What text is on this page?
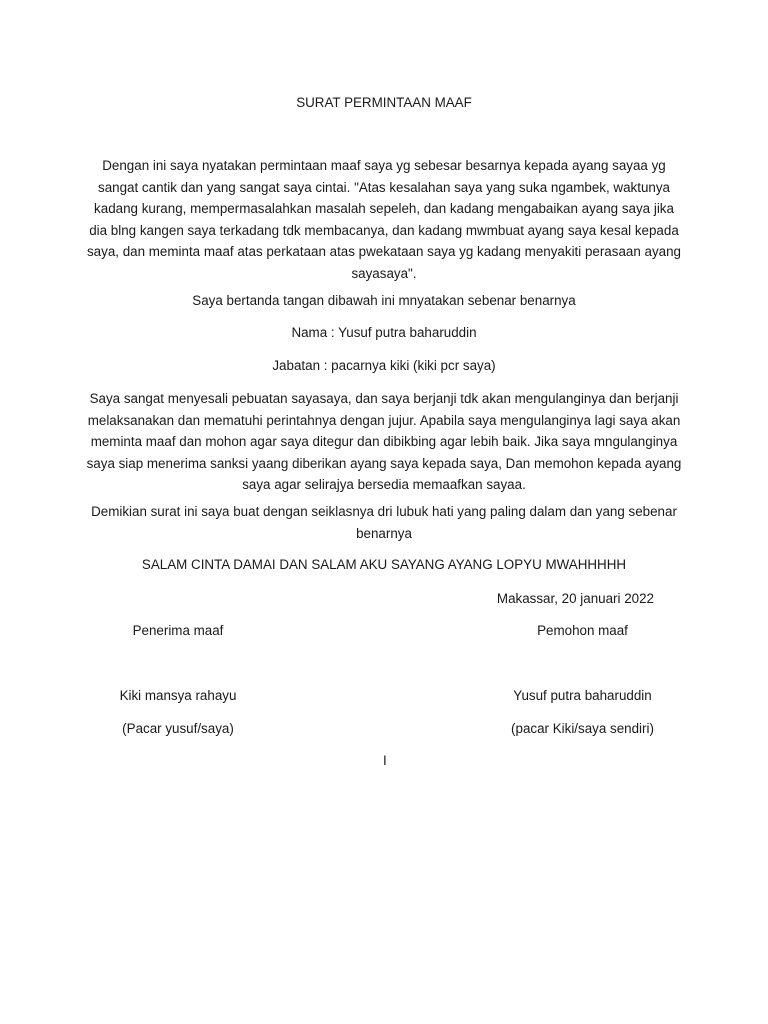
SURAT PERMINTAAN MAAF

Dengan ini saya nyatakan permintaan maaf saya yg sebesar besarnya kepada ayang sayaa yg sangat cantik dan yang sangat saya cintai. "Atas kesalahan saya yang suka ngambek, waktunya kadang kurang, mempermasalahkan masalah sepeleh, dan kadang mengabaikan ayang saya jika dia blng kangen saya terkadang tdk membacanya, dan kadang mwmbuat ayang saya kesal kepada saya, dan meminta maaf atas perkataan atas pwekataan saya yg kadang menyakiti perasaan ayang sayasaya".

Saya bertanda tangan dibawah ini mnyatakan sebenar benarnya

Nama : Yusuf putra baharuddin

Jabatan : pacarnya kiki (kiki pcr saya)

Saya sangat menyesali pebuatan sayasaya, dan saya berjanji tdk akan mengulanginya dan berjanji melaksanakan dan mematuhi perintahnya dengan jujur. Apabila saya mengulanginya lagi saya akan meminta maaf dan mohon agar saya ditegur dan dibikbing agar lebih baik. Jika saya mngulanginya saya siap menerima sanksi yaang diberikan ayang saya kepada saya, Dan memohon kepada ayang saya agar selirajya bersedia memaafkan sayaa.

Demikian surat ini saya buat dengan seiklasnya dri lubuk hati yang paling dalam dan yang sebenar benarnya

SALAM CINTA DAMAI DAN SALAM AKU SAYANG AYANG LOPYU MWAHHHHH

Makassar, 20 januari 2022

Penerima maaf	Pemohon maaf

Kiki mansya rahayu	Yusuf putra baharuddin

(Pacar yusuf/saya)	(pacar Kiki/saya sendiri)

I
